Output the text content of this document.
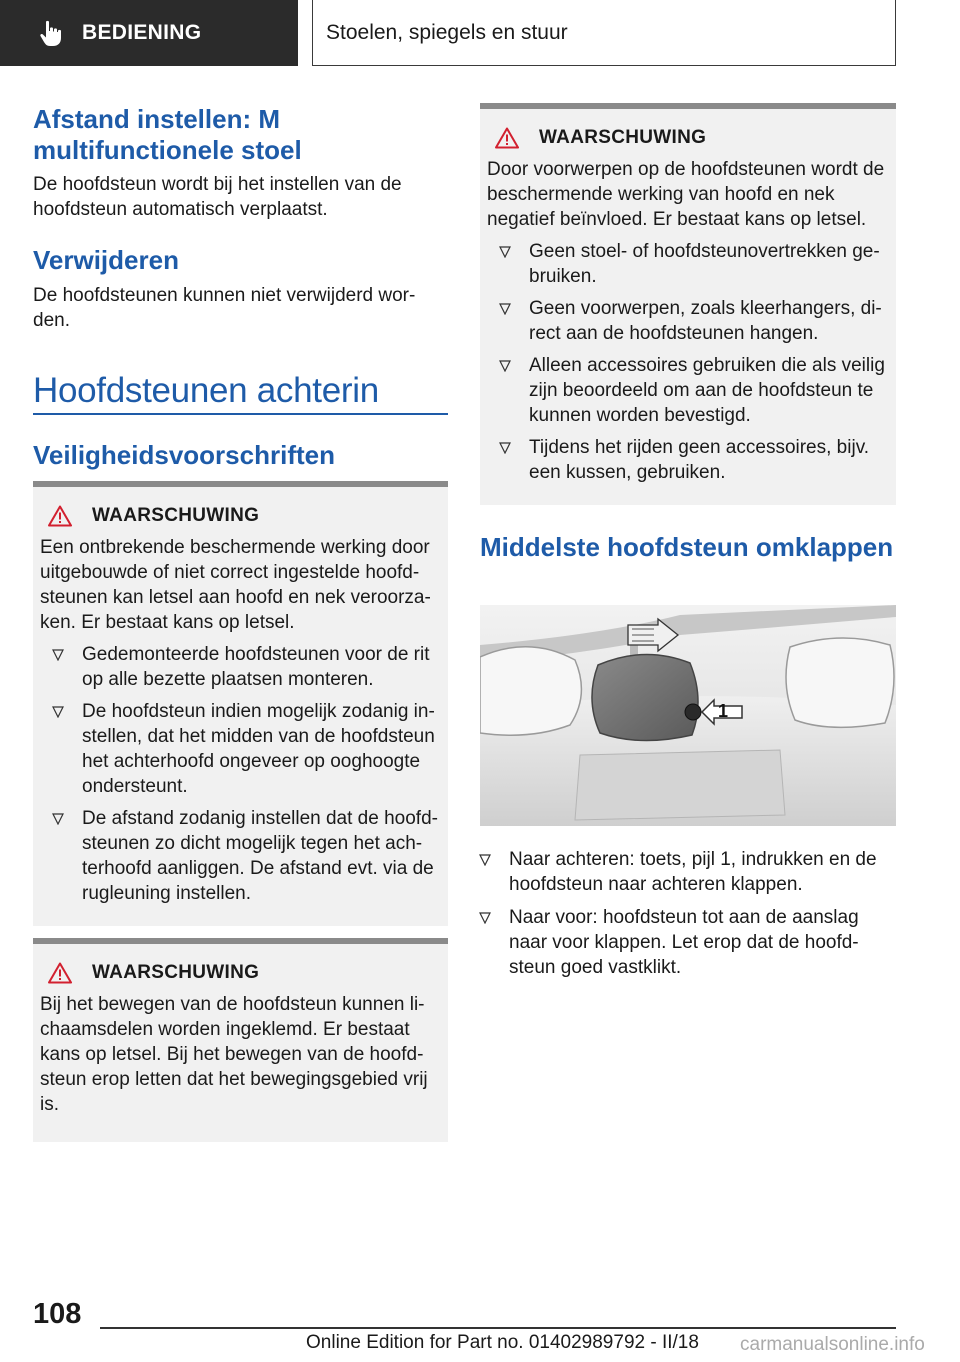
BEDIENING	Stoelen, spiegels en stuur
Afstand instellen: M multifunctionele stoel
De hoofdsteun wordt bij het instellen van de hoofdsteun automatisch verplaatst.
Verwijderen
De hoofdsteunen kunnen niet verwijderd wor-den.
Hoofdsteunen achterin
Veiligheidsvoorschriften
WAARSCHUWING
Een ontbrekende beschermende werking door uitgebouwde of niet correct ingestelde hoofd-steunen kan letsel aan hoofd en nek veroorza-ken. Er bestaat kans op letsel.
Gedemonteerde hoofdsteunen voor de rit op alle bezette plaatsen monteren.
De hoofdsteun indien mogelijk zodanig in-stellen, dat het midden van de hoofdsteun het achterhoofd ongeveer op ooghoogte ondersteunt.
De afstand zodanig instellen dat de hoofd-steunen zo dicht mogelijk tegen het ach-terhoofd aanliggen. De afstand evt. via de rugleuning instellen.
WAARSCHUWING
Bij het bewegen van de hoofdsteun kunnen li-chaamsdelen worden ingeklemd. Er bestaat kans op letsel. Bij het bewegen van de hoofd-steun erop letten dat het bewegingsgebied vrij is.
WAARSCHUWING
Door voorwerpen op de hoofdsteunen wordt de beschermende werking van hoofd en nek negatief beïnvloed. Er bestaat kans op letsel.
Geen stoel- of hoofdsteunovertrekken ge-bruiken.
Geen voorwerpen, zoals kleerhangers, di-rect aan de hoofdsteunen hangen.
Alleen accessoires gebruiken die als veilig zijn beoordeeld om aan de hoofdsteun te kunnen worden bevestigd.
Tijdens het rijden geen accessoires, bijv. een kussen, gebruiken.
Middelste hoofdsteun omklappen
1
Naar achteren: toets, pijl 1, indrukken en de hoofdsteun naar achteren klappen.
Naar voor: hoofdsteun tot aan de aanslag naar voor klappen. Let erop dat de hoofd-steun goed vastklikt.
108
Online Edition for Part no. 01402989792 - II/18 carmanualsonline.info
